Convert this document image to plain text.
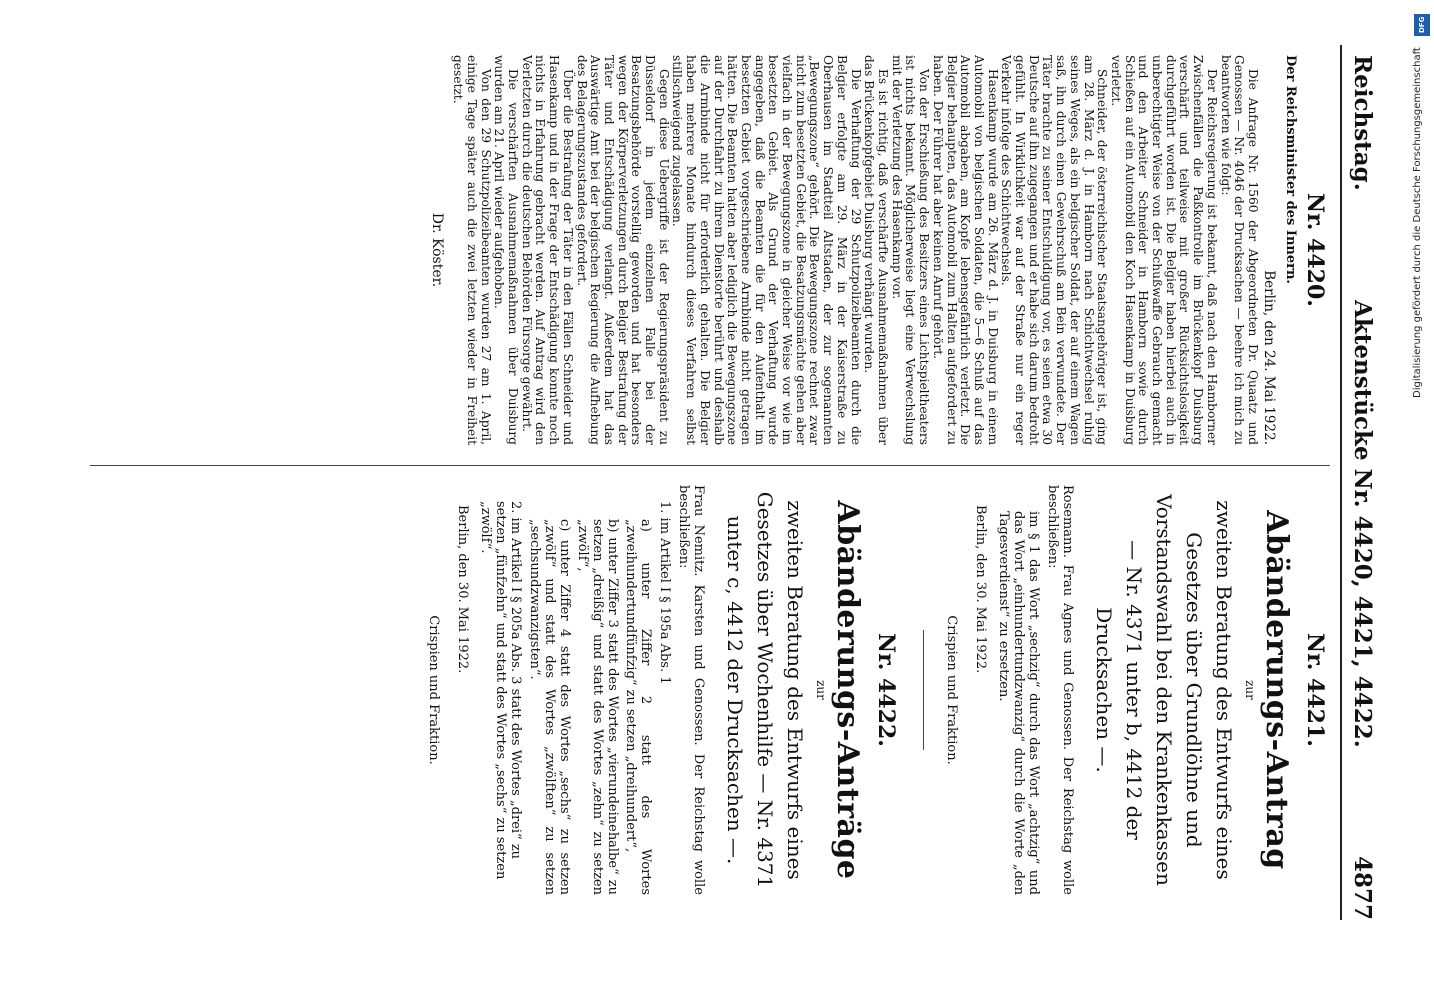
Reichstag.
Aktenstücke Nr. 4420, 4421, 4422.
4877
Nr. 4420.
Der Reichsminister des Innern.
Berlin, den 24. Mai 1922.

Die Anfrage Nr. 1560 der Abgeordneten Dr. Quaatz und Genossen — Nr. 4046 der Drucksachen — beehre ich mich zu beantworten wie folgt:

Der Reichsregierung ist bekannt, daß nach den Hamborner Zwischenfällen die Paßkontrolle im Brückenkopf Duisburg verschärft und teilweise mit großer Rücksichtslosigkeit durchgeführt worden ist. Die Belgier haben hierbei auch in unberechtigter Weise von der Schußwaffe Gebrauch gemacht und den Arbeiter Schneider in Hamborn sowie durch Schießen auf ein Automobil den Koch Hasenkamp in Duisburg verletzt.

Schneider, der österreichischer Staatsangehöriger ist, ging am 28. März d. J. in Hamborn nach Schichtwechsel ruhig seines Weges, als ein belgischer Soldat, der auf einem Wagen saß, ihn durch einen Gewehrschuß am Bein verwundete. Der Täter brachte zu seiner Entschuldigung vor, es seien etwa 30 Deutsche auf ihn zugegangen und er habe sich darum bedroht gefühlt. In Wirklichkeit war auf der Straße nur ein reger Verkehr infolge des Schichtwechsels.

Hasenkamp wurde am 26. März d. J. in Duisburg in einem Automobil von belgischen Soldaten, die 5—6 Schuß auf das Automobil abgaben, am Kopfe lebensgefährlich verletzt. Die Belgier behaupten, das Automobil zum Halten aufgefordert zu haben. Der Führer hat aber keinen Anruf gehört.

Von der Erschießung des Besitzers eines Lichtspieltheaters ist nichts bekannt. Möglicherweise liegt eine Verwechslung mit der Verletzung des Hasenkamp vor.

Es ist richtig, daß verschärfte Ausnahmemaßnahmen über das Brückenkopfgebiet Duisburg verhängt wurden.

Die Verhaftung der 29 Schutzpolizeibeamten durch die Belgier erfolgte am 29. März in der Kaiserstraße zu Oberhausen im Stadtteil Altstaden, der zur sogenannten „Bewegungszone“ gehört. Die Bewegungszone rechnet zwar nicht zum besetzten Gebiet, die Besatzungsmächte gehen aber vielfach in der Bewegungszone in gleicher Weise vor wie im besetzten Gebiet. Als Grund der Verhaftung wurde angegeben, daß die Beamten die für den Aufenthalt im besetzten Gebiet vorgeschriebene Armbinde nicht getragen hätten. Die Beamten hatten aber lediglich die Bewegungszone auf der Durchfahrt zu ihrem Dienstorte berührt und deshalb die Armbinde nicht für erforderlich gehalten. Die Belgier haben mehrere Monate hindurch dieses Verfahren selbst stillschweigend zugelassen.

Gegen diese Uebergriffe ist der Regierungspräsident zu Düsseldorf in jedem einzelnen Falle bei der Besatzungsbehörde vorstellig geworden und hat besonders wegen der Körperverletzungen durch Belgier Bestrafung der Täter und Entschädigung verlangt. Außerdem hat das Auswärtige Amt bei der belgischen Regierung die Aufhebung des Belagerungszustandes gefordert.

Über die Bestrafung der Täter in den Fällen Schneider und Hasenkamp und in der Frage der Entschädigung konnte noch nichts in Erfahrung gebracht werden. Auf Antrag wird den Verletzten durch die deutschen Behörden Fürsorge gewährt.

Die verschärften Ausnahmemaßnahmen über Duisburg wurden am 21. April wieder aufgehoben.

Von den 29 Schutzpolizeibeamten wurden 27 am 1. April, einige Tage später auch die zwei letzten wieder in Freiheit gesetzt.

Dr. Köster.
Nr. 4421.
Abänderungs-Antrag
zur
zweiten Beratung des Entwurfs eines Gesetzes über Grundlöhne und Vorstandswahl bei den Krankenkassen — Nr. 4371 unter b, 4412 der Drucksachen —.
Rosemann. Frau Agnes und Genossen. Der Reichstag wolle beschließen:
im § 1 das Wort „sechzig“ durch das Wort „achtzig“ und das Wort „einhundertundzwanzig“ durch die Worte „den Tagesverdienst“ zu ersetzen.
Berlin, den 30. Mai 1922.
Crispien und Fraktion.
Nr. 4422.
Abänderungs-Anträge
zur
zweiten Beratung des Entwurfs eines Gesetzes über Wochenhilfe — Nr. 4371 unter c, 4412 der Drucksachen —.
Frau Nemitz. Karsten und Genossen. Der Reichstag wolle beschließen:
1. im Artikel I § 195a Abs. 1
a) unter Ziffer 2 statt des Wortes „zweihundertundfünfzig“ zu setzen „dreihundert“,
b) unter Ziffer 3 statt des Wortes „vierundeinehalbe“ zu setzen „dreißig“ und statt des Wortes „zehn“ zu setzen „zwölf“,
c) unter Ziffer 4 statt des Wortes „sechs“ zu setzen „zwölf“ und statt des Wortes „zwölften“ zu setzen „sechsundzwanzigsten“.
2. im Artikel I § 205a Abs. 3 statt des Wortes „drei“ zu setzen „fünfzehn“ und statt des Wortes „sechs“ zu setzen „zwölf“.
Berlin, den 30. Mai 1922.
Crispien und Fraktion.
DFG
Digitalisierung gefördert durch die Deutsche Forschungsgemeinschaft
